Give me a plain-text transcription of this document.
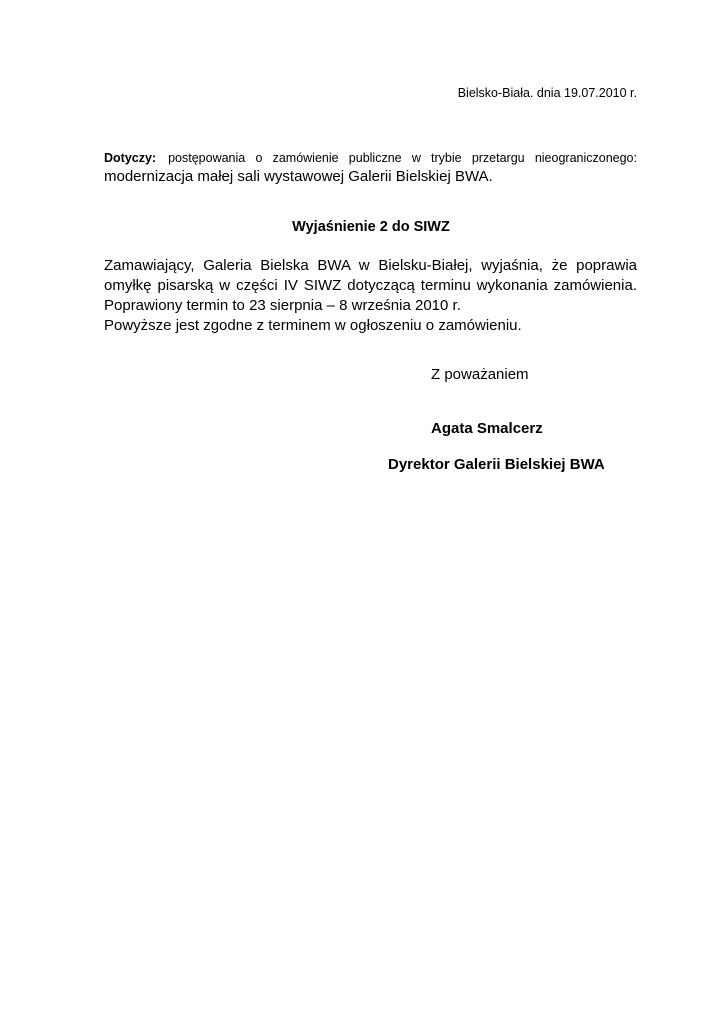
Bielsko-Biała. dnia 19.07.2010 r.
Dotyczy: postępowania o zamówienie publiczne w trybie przetargu nieograniczonego:
modernizacja małej sali wystawowej Galerii Bielskiej BWA.
Wyjaśnienie 2 do SIWZ
Zamawiający, Galeria Bielska BWA w Bielsku-Białej, wyjaśnia, że poprawia
omyłkę pisarską w części IV SIWZ dotyczącą terminu wykonania zamówienia.
Poprawiony termin to 23 sierpnia – 8 września 2010 r.
Powyższe jest zgodne z terminem w ogłoszeniu o zamówieniu.
Z poważaniem
Agata Smalcerz
Dyrektor Galerii Bielskiej BWA
